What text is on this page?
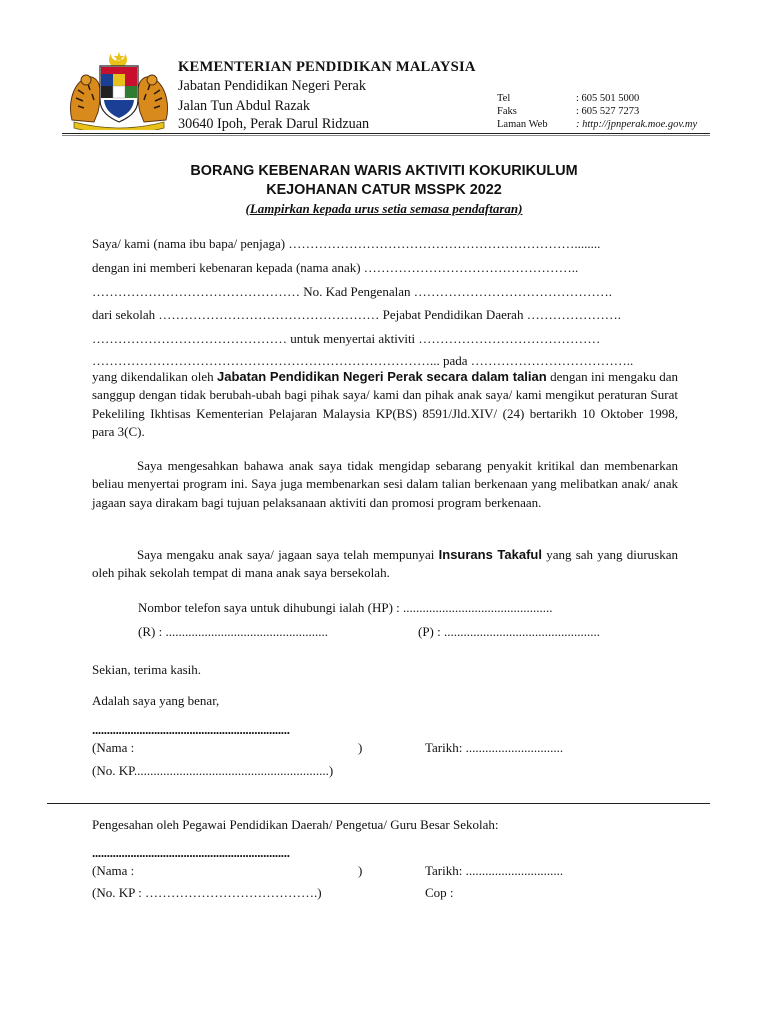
KEMENTERIAN PENDIDIKAN MALAYSIA
Jabatan Pendidikan Negeri Perak
Jalan Tun Abdul Razak
30640 Ipoh, Perak Darul Ridzuan
Tel	: 605 501 5000
Faks	: 605 527 7273
Laman Web	: http://jpnperak.moe.gov.my
BORANG KEBENARAN WARIS AKTIVITI KOKURIKULUM
KEJOHANAN CATUR MSSPK 2022
(Lampirkan kepada urus setia semasa pendaftaran)
Saya/ kami (nama ibu bapa/ penjaga) …………………………………………………………........
dengan ini memberi kebenaran kepada (nama anak) …………………………………………..
………………………………………… No. Kad Pengenalan ……………………………………….
dari sekolah …………………………………………… Pejabat Pendidikan Daerah ………………….
……………………………………… untuk menyertai aktiviti ……………………………………
……………………………………………………………………... pada ………………………………..

yang dikendalikan oleh Jabatan Pendidikan Negeri Perak secara dalam talian dengan ini mengaku dan sanggup dengan tidak berubah-ubah bagi pihak saya/ kami dan pihak anak saya/ kami mengikut peraturan Surat Pekeliling Ikhtisas Kementerian Pelajaran Malaysia KP(BS) 8591/Jld.XIV/ (24) bertarikh 10 Oktober 1998, para 3(C).

Saya mengesahkan bahawa anak saya tidak mengidap sebarang penyakit kritikal dan membenarkan beliau menyertai program ini. Saya juga membenarkan sesi dalam talian berkenaan yang melibatkan anak/ anak jagaan saya dirakam bagi tujuan pelaksanaan aktiviti dan promosi program berkenaan.

Saya mengaku anak saya/ jagaan saya telah mempunyai Insurans Takaful yang sah yang diuruskan oleh pihak sekolah tempat di mana anak saya bersekolah.

Nombor telefon saya untuk dihubungi ialah (HP) : ..............................................
(R) : ..................................................	(P) : ................................................
Sekian, terima kasih.
Adalah saya yang benar,
...................................................................
(Nama :	)	Tarikh: ..............................
(No. KP............................................................)
Pengesahan oleh Pegawai Pendidikan Daerah/ Pengetua/ Guru Besar Sekolah:
...................................................................
(Nama :	)	Tarikh: ..............................
(No. KP : ………………………………….)	Cop :
